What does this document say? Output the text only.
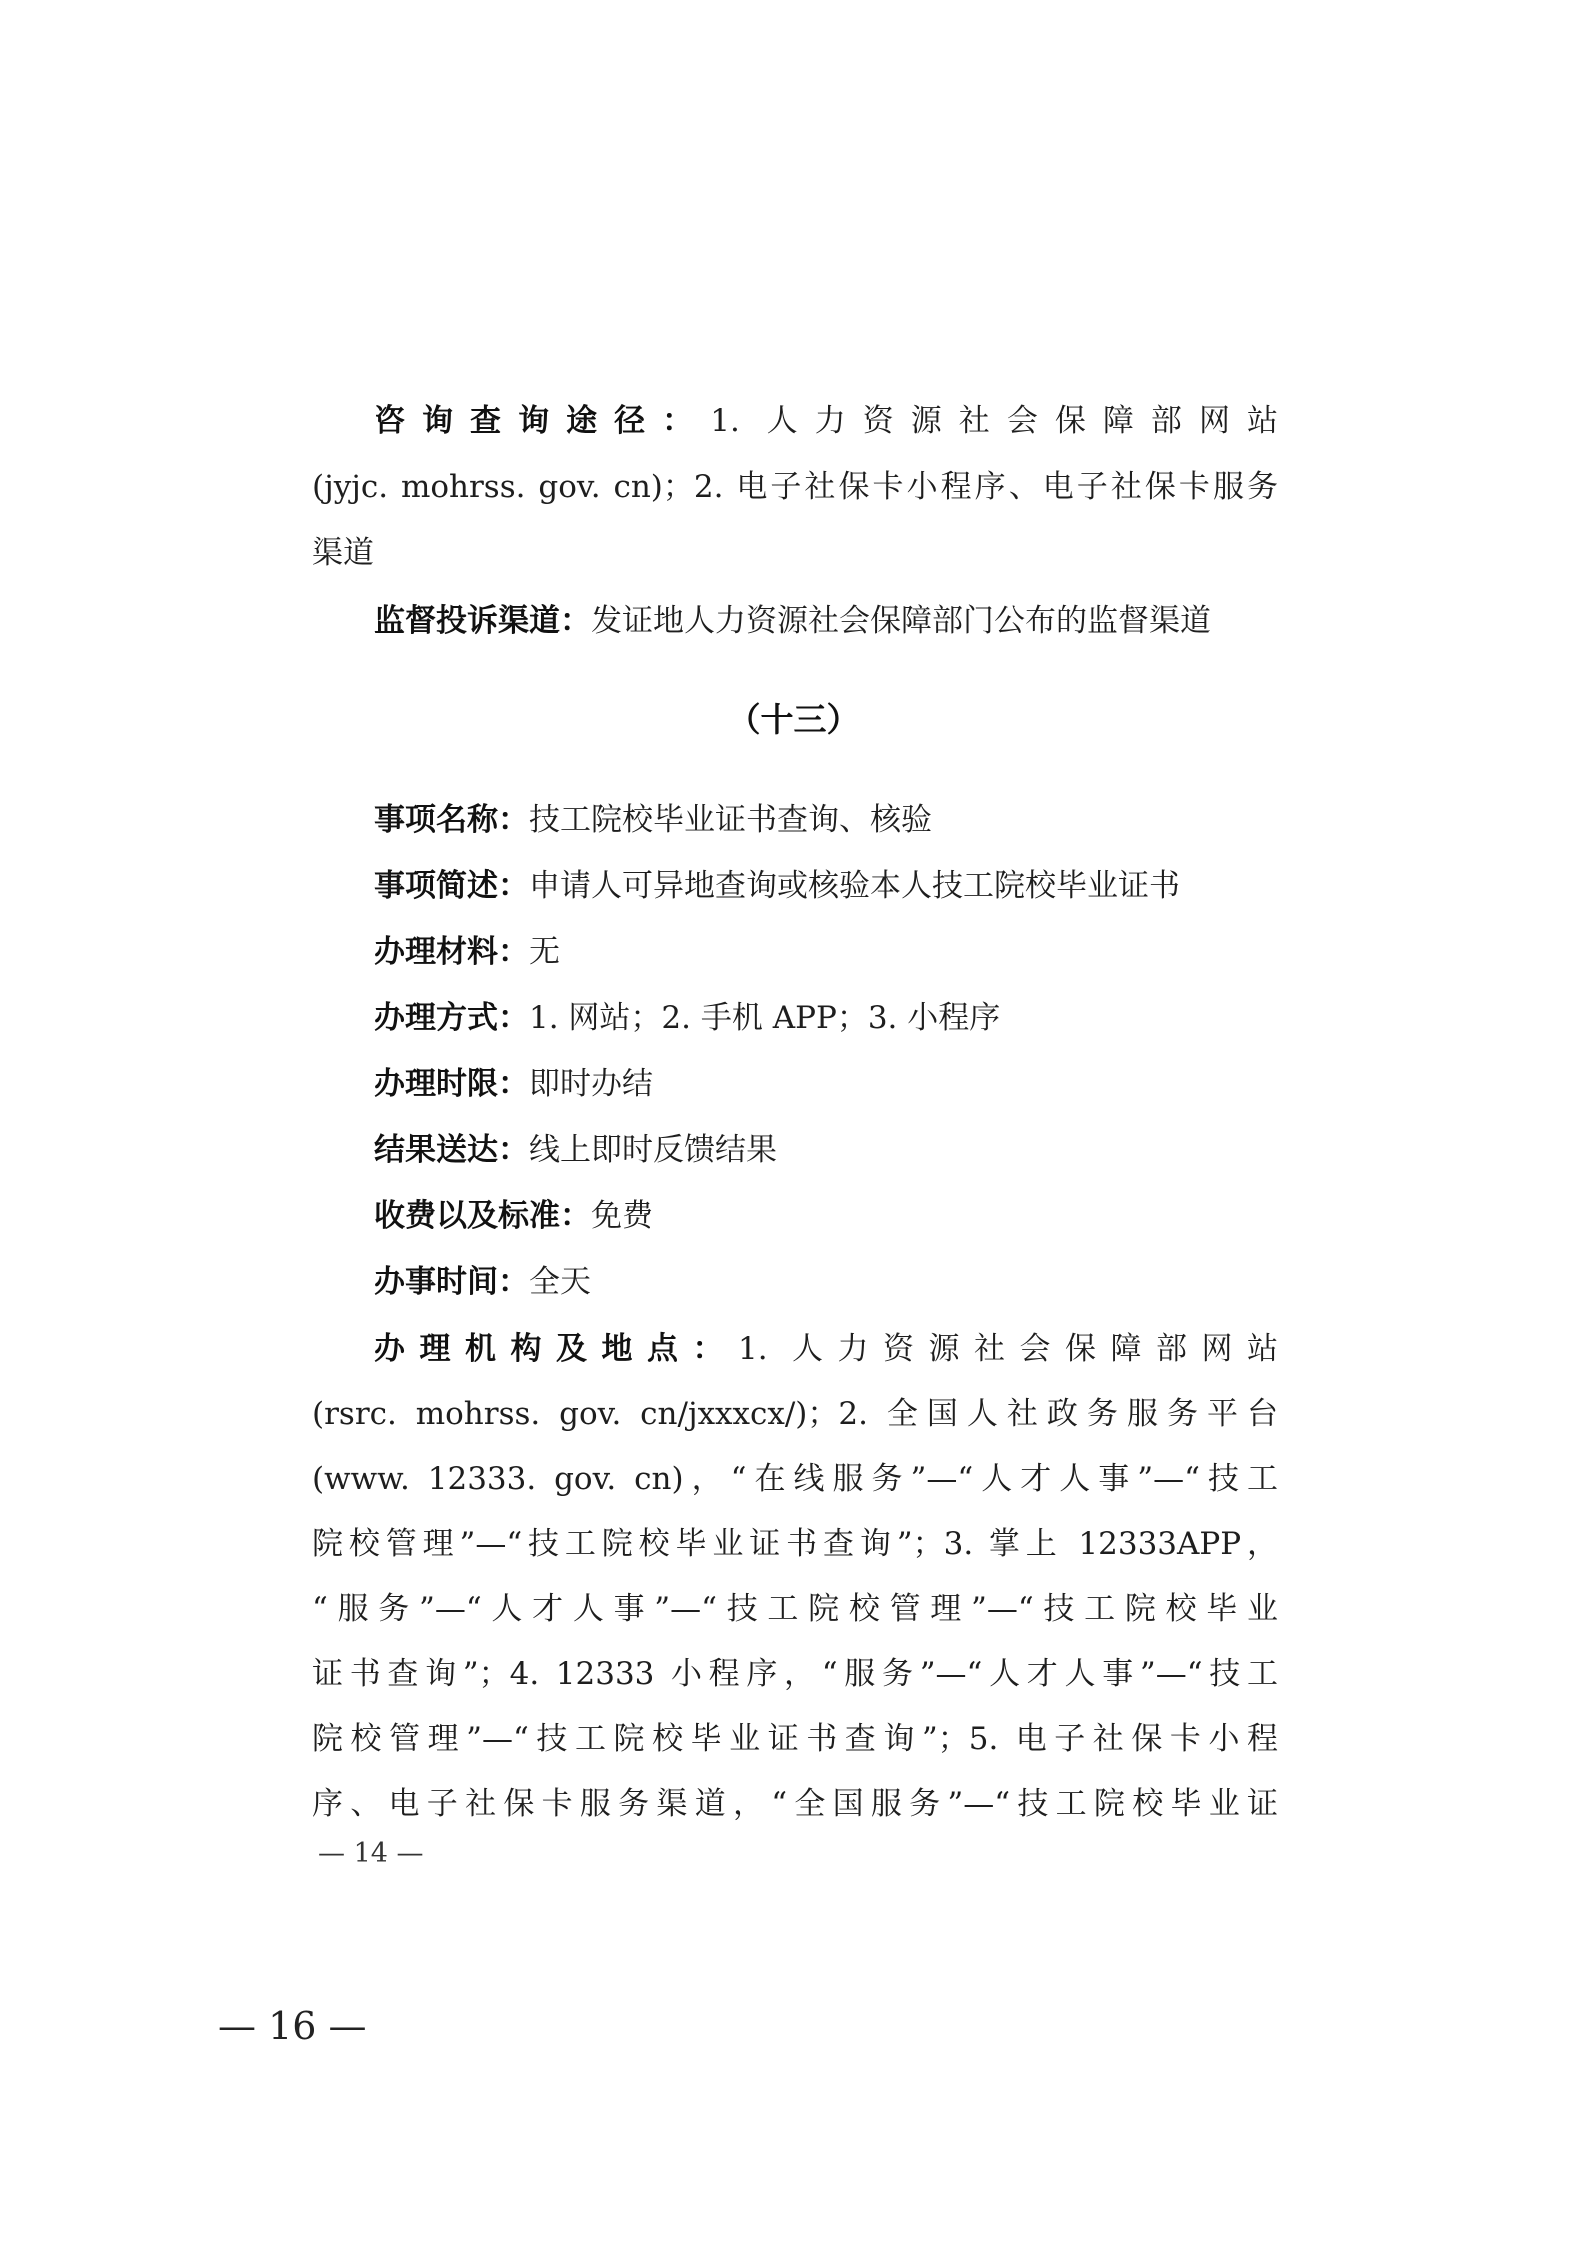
咨询查询途径：1. 人力资源社会保障部网站
(jyjc. mohrss. gov. cn)；2. 电子社保卡小程序、电子社保卡服务
渠道
监督投诉渠道：发证地人力资源社会保障部门公布的监督渠道
（十三）
事项名称：技工院校毕业证书查询、核验
事项简述：申请人可异地查询或核验本人技工院校毕业证书
办理材料：无
办理方式：1. 网站；2. 手机 APP；3. 小程序
办理时限：即时办结
结果送达：线上即时反馈结果
收费以及标准：免费
办事时间：全天
办理机构及地点：1. 人力资源社会保障部网站
(rsrc. mohrss. gov. cn/jxxxcx/)；2. 全国人社政务服务平台
(www. 12333. gov. cn)，“在线服务”—“人才人事”—“技工
院校管理”—“技工院校毕业证书查询”；3. 掌上 12333APP，
“服务”—“人才人事”—“技工院校管理”—“技工院校毕业
证书查询”；4. 12333 小程序，“服务”—“人才人事”—“技工
院校管理”—“技工院校毕业证书查询”；5. 电子社保卡小程
序、电子社保卡服务渠道，“全国服务”—“技工院校毕业证
— 14 —
— 16 —
